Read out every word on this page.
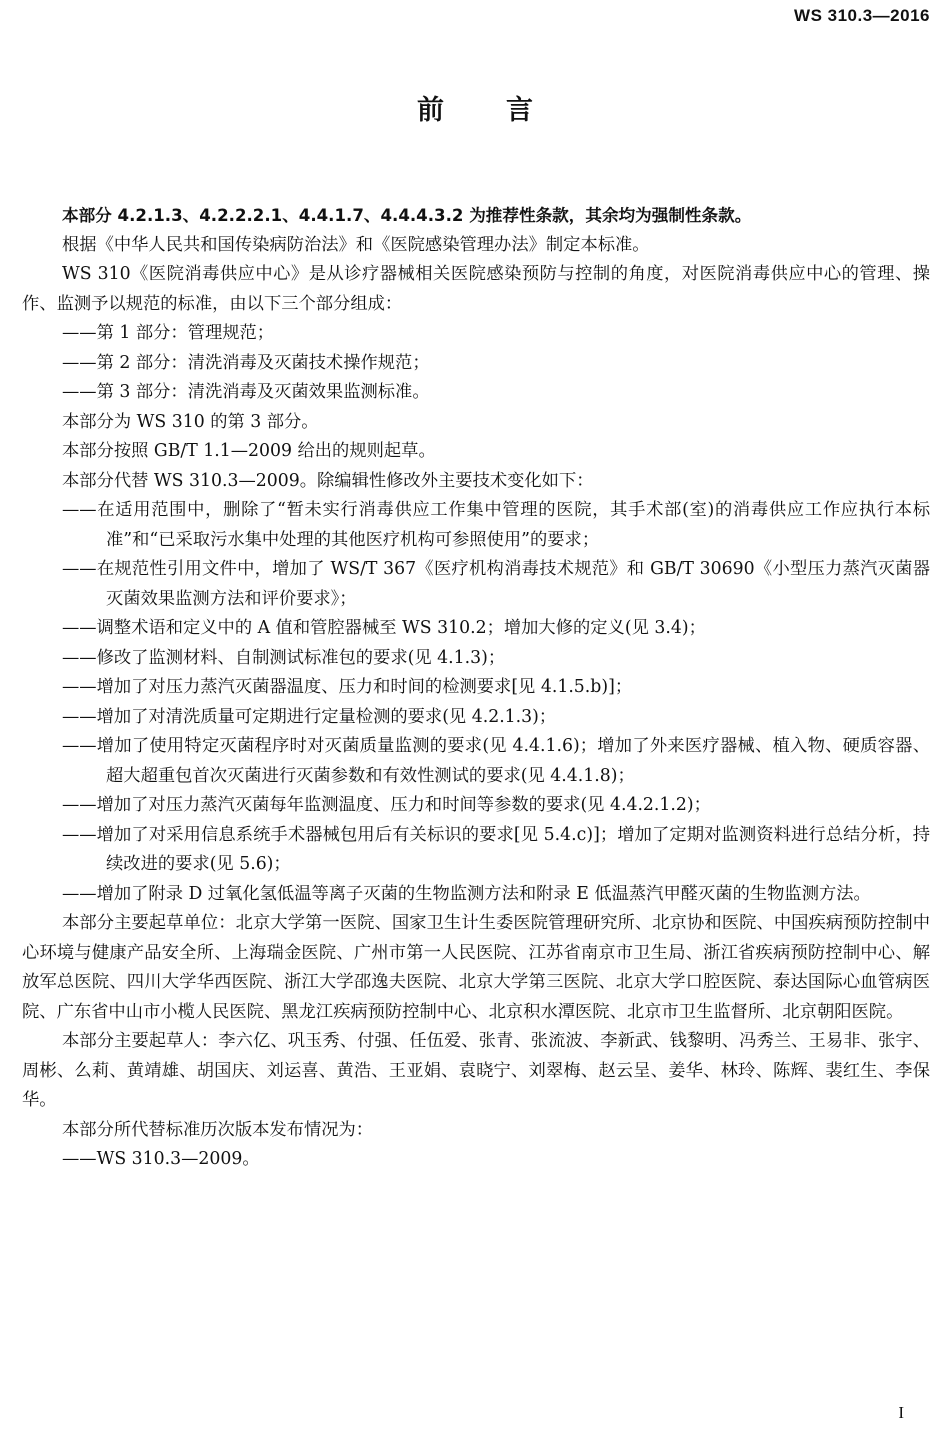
WS 310.3—2016
前 言

本部分 4.2.1.3、4.2.2.2.1、4.4.1.7、4.4.4.3.2 为推荐性条款，其余均为强制性条款。

根据《中华人民共和国传染病防治法》和《医院感染管理办法》制定本标准。

WS 310《医院消毒供应中心》是从诊疗器械相关医院感染预防与控制的角度，对医院消毒供应中心的管理、操作、监测予以规范的标准，由以下三个部分组成：

——第 1 部分：管理规范；

——第 2 部分：清洗消毒及灭菌技术操作规范；

——第 3 部分：清洗消毒及灭菌效果监测标准。

本部分为 WS 310 的第 3 部分。

本部分按照 GB/T 1.1—2009 给出的规则起草。

本部分代替 WS 310.3—2009。除编辑性修改外主要技术变化如下：

——在适用范围中，删除了“暂未实行消毒供应工作集中管理的医院，其手术部(室)的消毒供应工作应执行本标准”和“已采取污水集中处理的其他医疗机构可参照使用”的要求；

——在规范性引用文件中，增加了 WS/T 367《医疗机构消毒技术规范》和 GB/T 30690《小型压力蒸汽灭菌器灭菌效果监测方法和评价要求》；

——调整术语和定义中的 A 值和管腔器械至 WS 310.2；增加大修的定义(见 3.4)；

——修改了监测材料、自制测试标准包的要求(见 4.1.3)；

——增加了对压力蒸汽灭菌器温度、压力和时间的检测要求[见 4.1.5.b)]；

——增加了对清洗质量可定期进行定量检测的要求(见 4.2.1.3)；

——增加了使用特定灭菌程序时对灭菌质量监测的要求(见 4.4.1.6)；增加了外来医疗器械、植入物、硬质容器、超大超重包首次灭菌进行灭菌参数和有效性测试的要求(见 4.4.1.8)；

——增加了对压力蒸汽灭菌每年监测温度、压力和时间等参数的要求(见 4.4.2.1.2)；

——增加了对采用信息系统手术器械包用后有关标识的要求[见 5.4.c)]；增加了定期对监测资料进行总结分析，持续改进的要求(见 5.6)；

——增加了附录 D 过氧化氢低温等离子灭菌的生物监测方法和附录 E 低温蒸汽甲醛灭菌的生物监测方法。

本部分主要起草单位：北京大学第一医院、国家卫生计生委医院管理研究所、北京协和医院、中国疾病预防控制中心环境与健康产品安全所、上海瑞金医院、广州市第一人民医院、江苏省南京市卫生局、浙江省疾病预防控制中心、解放军总医院、四川大学华西医院、浙江大学邵逸夫医院、北京大学第三医院、北京大学口腔医院、泰达国际心血管病医院、广东省中山市小榄人民医院、黑龙江疾病预防控制中心、北京积水潭医院、北京市卫生监督所、北京朝阳医院。

本部分主要起草人：李六亿、巩玉秀、付强、任伍爱、张青、张流波、李新武、钱黎明、冯秀兰、王易非、张宇、周彬、么莉、黄靖雄、胡国庆、刘运喜、黄浩、王亚娟、袁晓宁、刘翠梅、赵云呈、姜华、林玲、陈辉、裴红生、李保华。

本部分所代替标准历次版本发布情况为：

——WS 310.3—2009。

I
